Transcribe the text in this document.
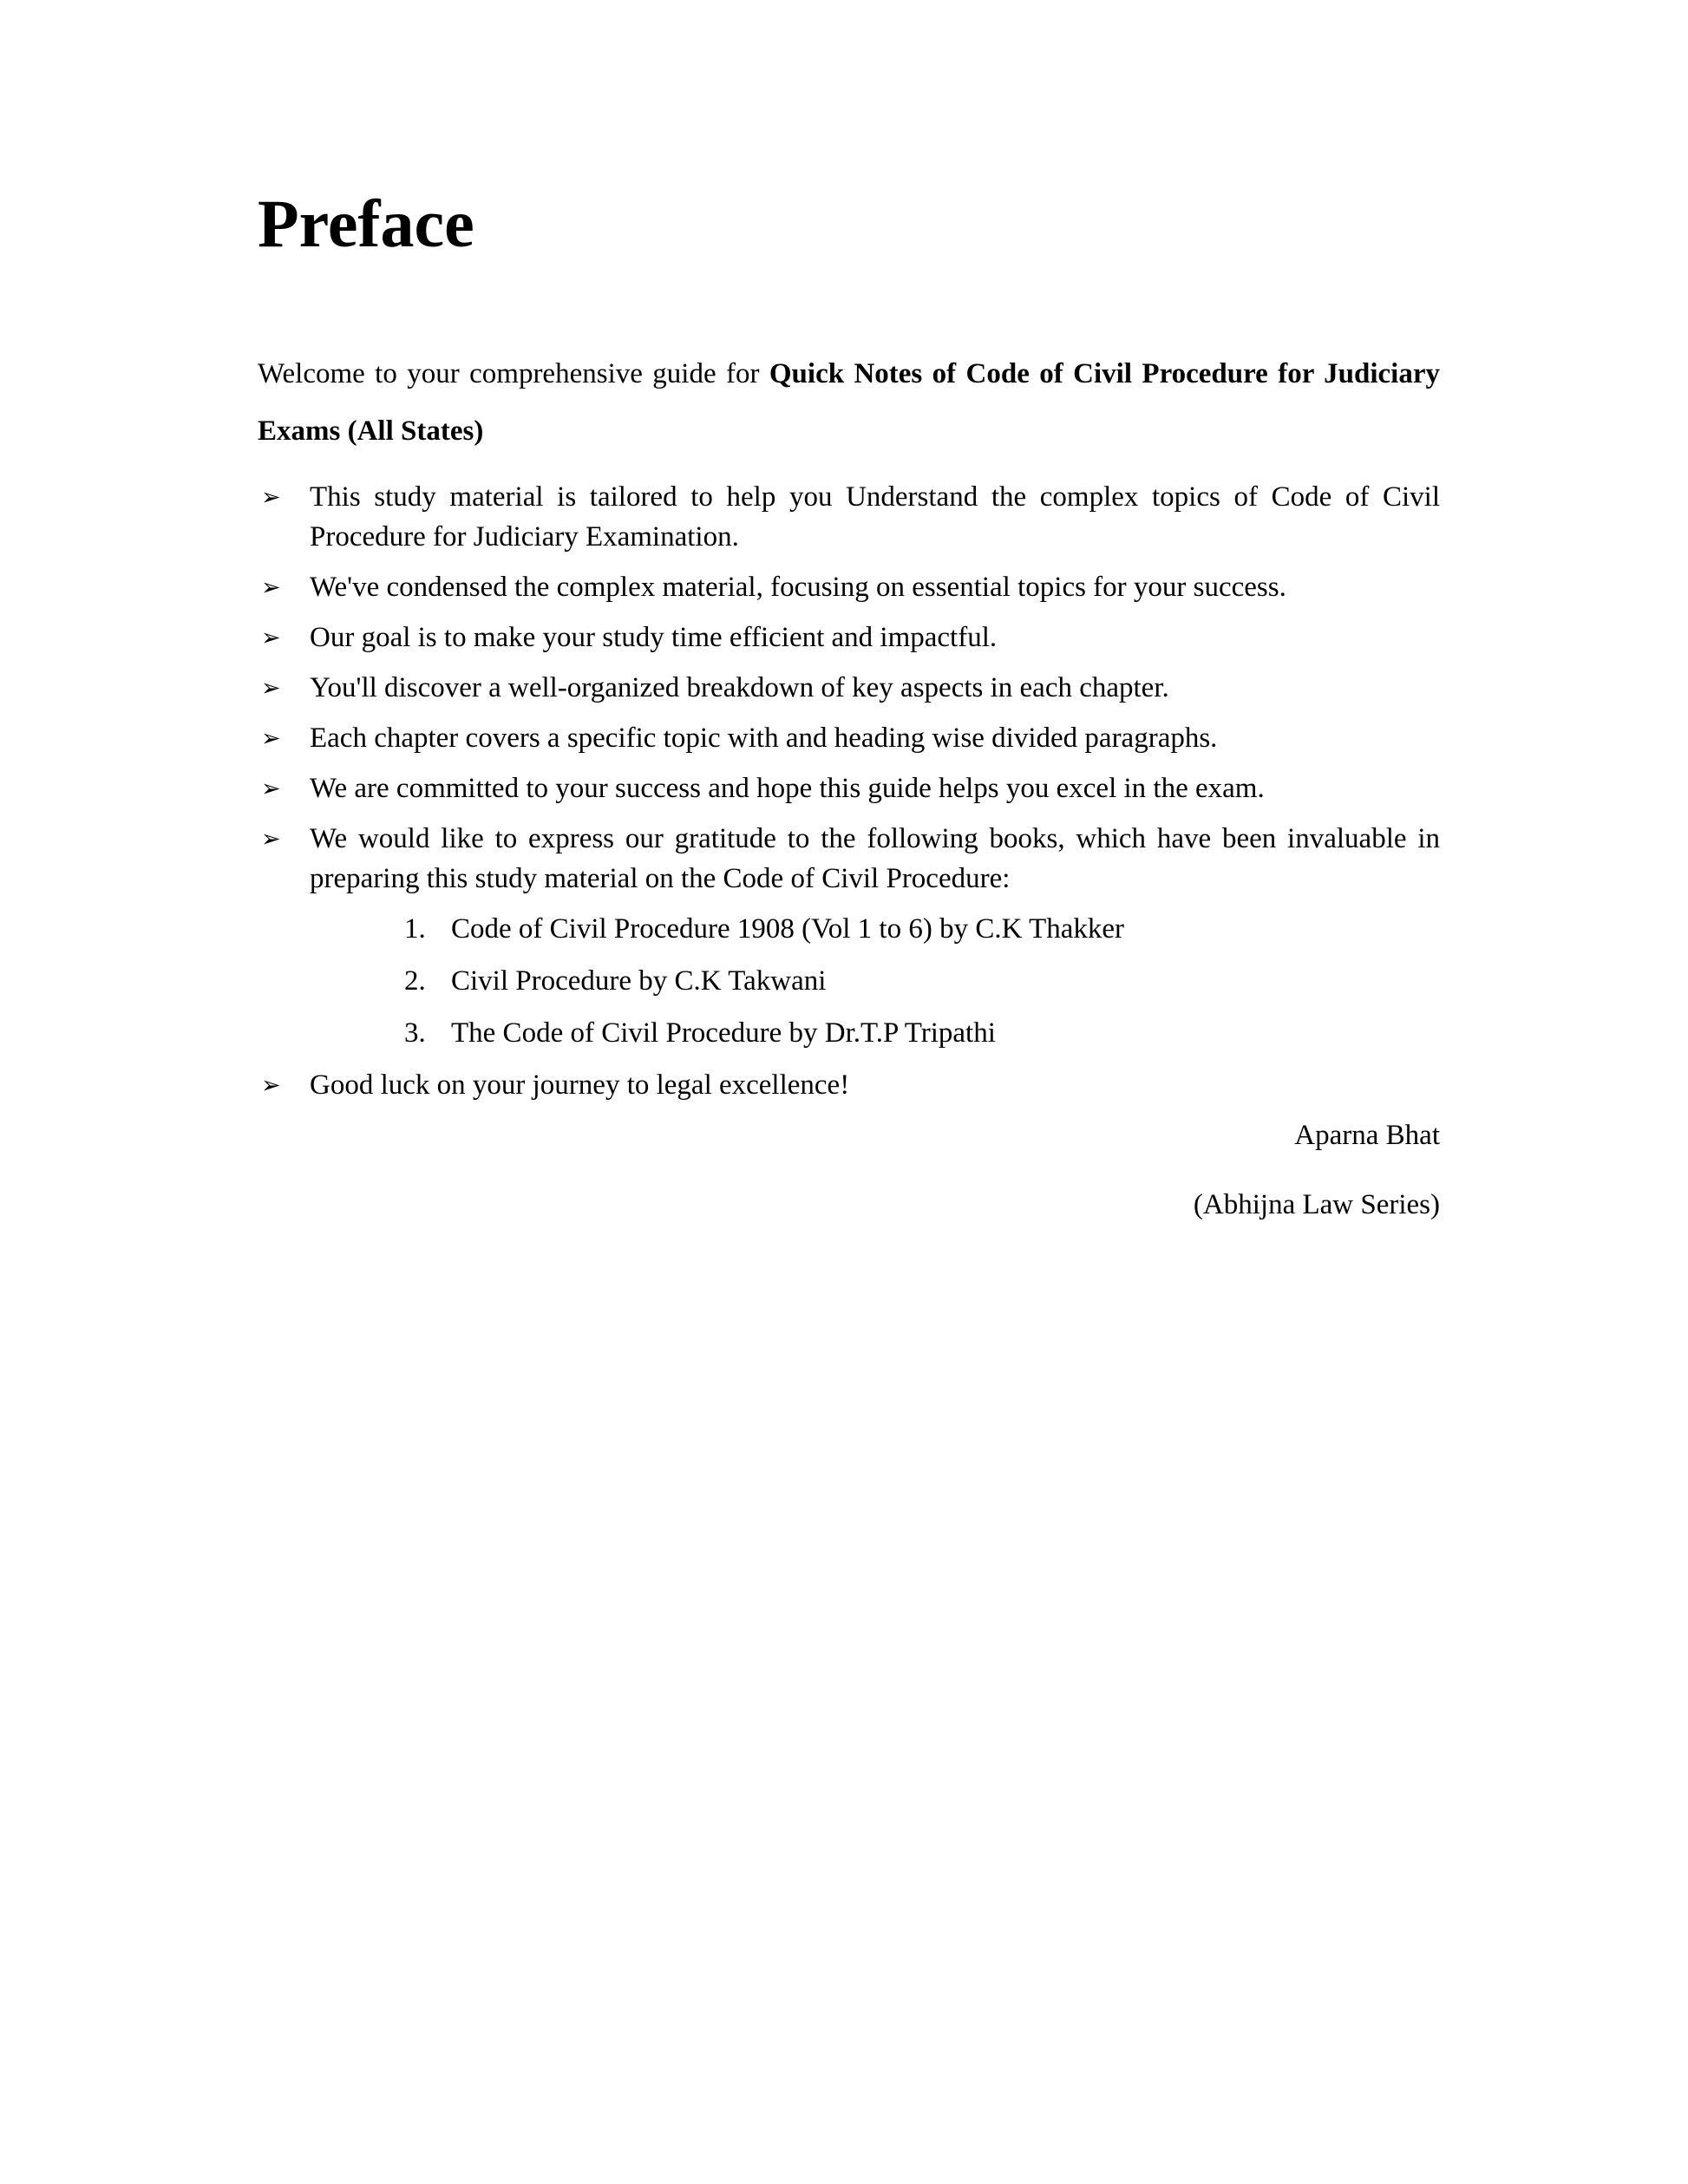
Preface

Welcome to your comprehensive guide for Quick Notes of Code of Civil Procedure for Judiciary Exams (All States)

➢ This study material is tailored to help you Understand the complex topics of Code of Civil Procedure for Judiciary Examination.
➢ We've condensed the complex material, focusing on essential topics for your success.
➢ Our goal is to make your study time efficient and impactful.
➢ You'll discover a well-organized breakdown of key aspects in each chapter.
➢ Each chapter covers a specific topic with and heading wise divided paragraphs.
➢ We are committed to your success and hope this guide helps you excel in the exam.
➢ We would like to express our gratitude to the following books, which have been invaluable in preparing this study material on the Code of Civil Procedure:
1. Code of Civil Procedure 1908 (Vol 1 to 6) by C.K Thakker
2. Civil Procedure by C.K Takwani
3. The Code of Civil Procedure by Dr.T.P Tripathi
➢ Good luck on your journey to legal excellence!

Aparna Bhat

(Abhijna Law Series)
